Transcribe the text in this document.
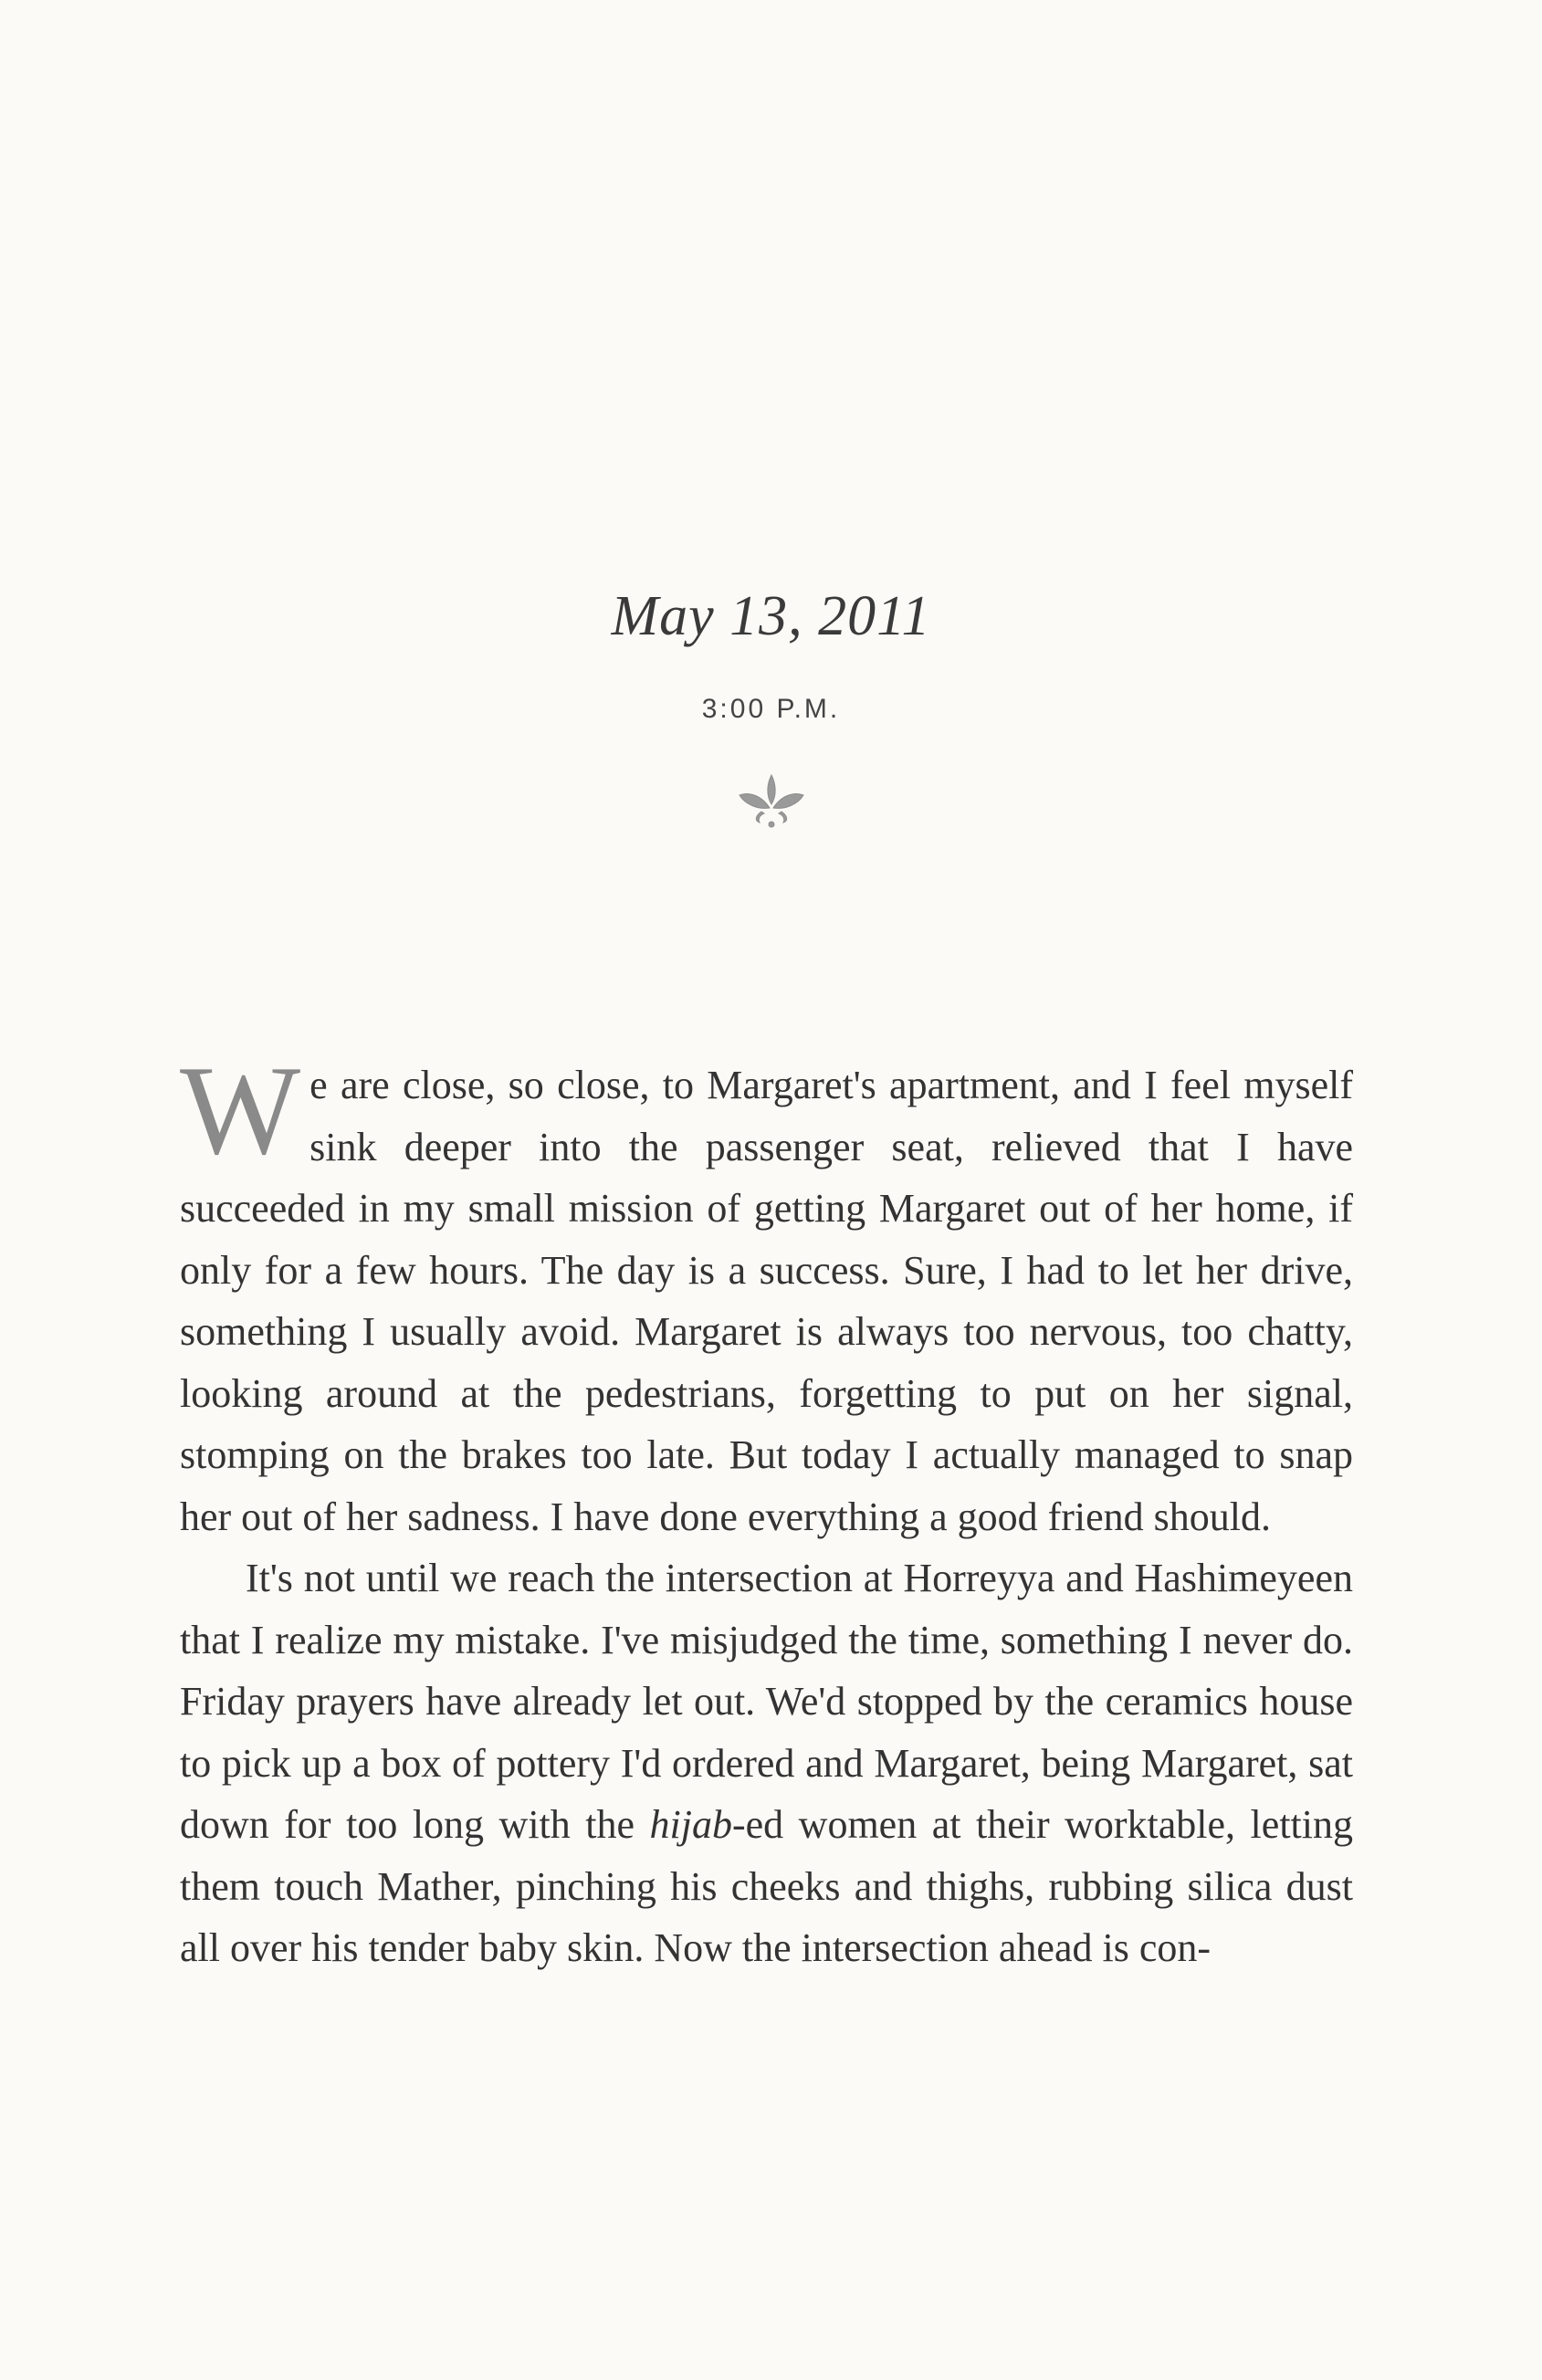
May 13, 2011
3:00 P.M.

We are close, so close, to Margaret's apartment, and I feel myself sink deeper into the passenger seat, relieved that I have succeeded in my small mission of getting Margaret out of her home, if only for a few hours. The day is a success. Sure, I had to let her drive, something I usually avoid. Margaret is always too nervous, too chatty, looking around at the pedestrians, forgetting to put on her signal, stomping on the brakes too late. But today I actually managed to snap her out of her sadness. I have done everything a good friend should.

It's not until we reach the intersection at Horreyya and Hashimeyeen that I realize my mistake. I've misjudged the time, something I never do. Friday prayers have already let out. We'd stopped by the ceramics house to pick up a box of pottery I'd ordered and Margaret, being Margaret, sat down for too long with the hijab-ed women at their worktable, letting them touch Mather, pinching his cheeks and thighs, rubbing silica dust all over his tender baby skin. Now the intersection ahead is con-
